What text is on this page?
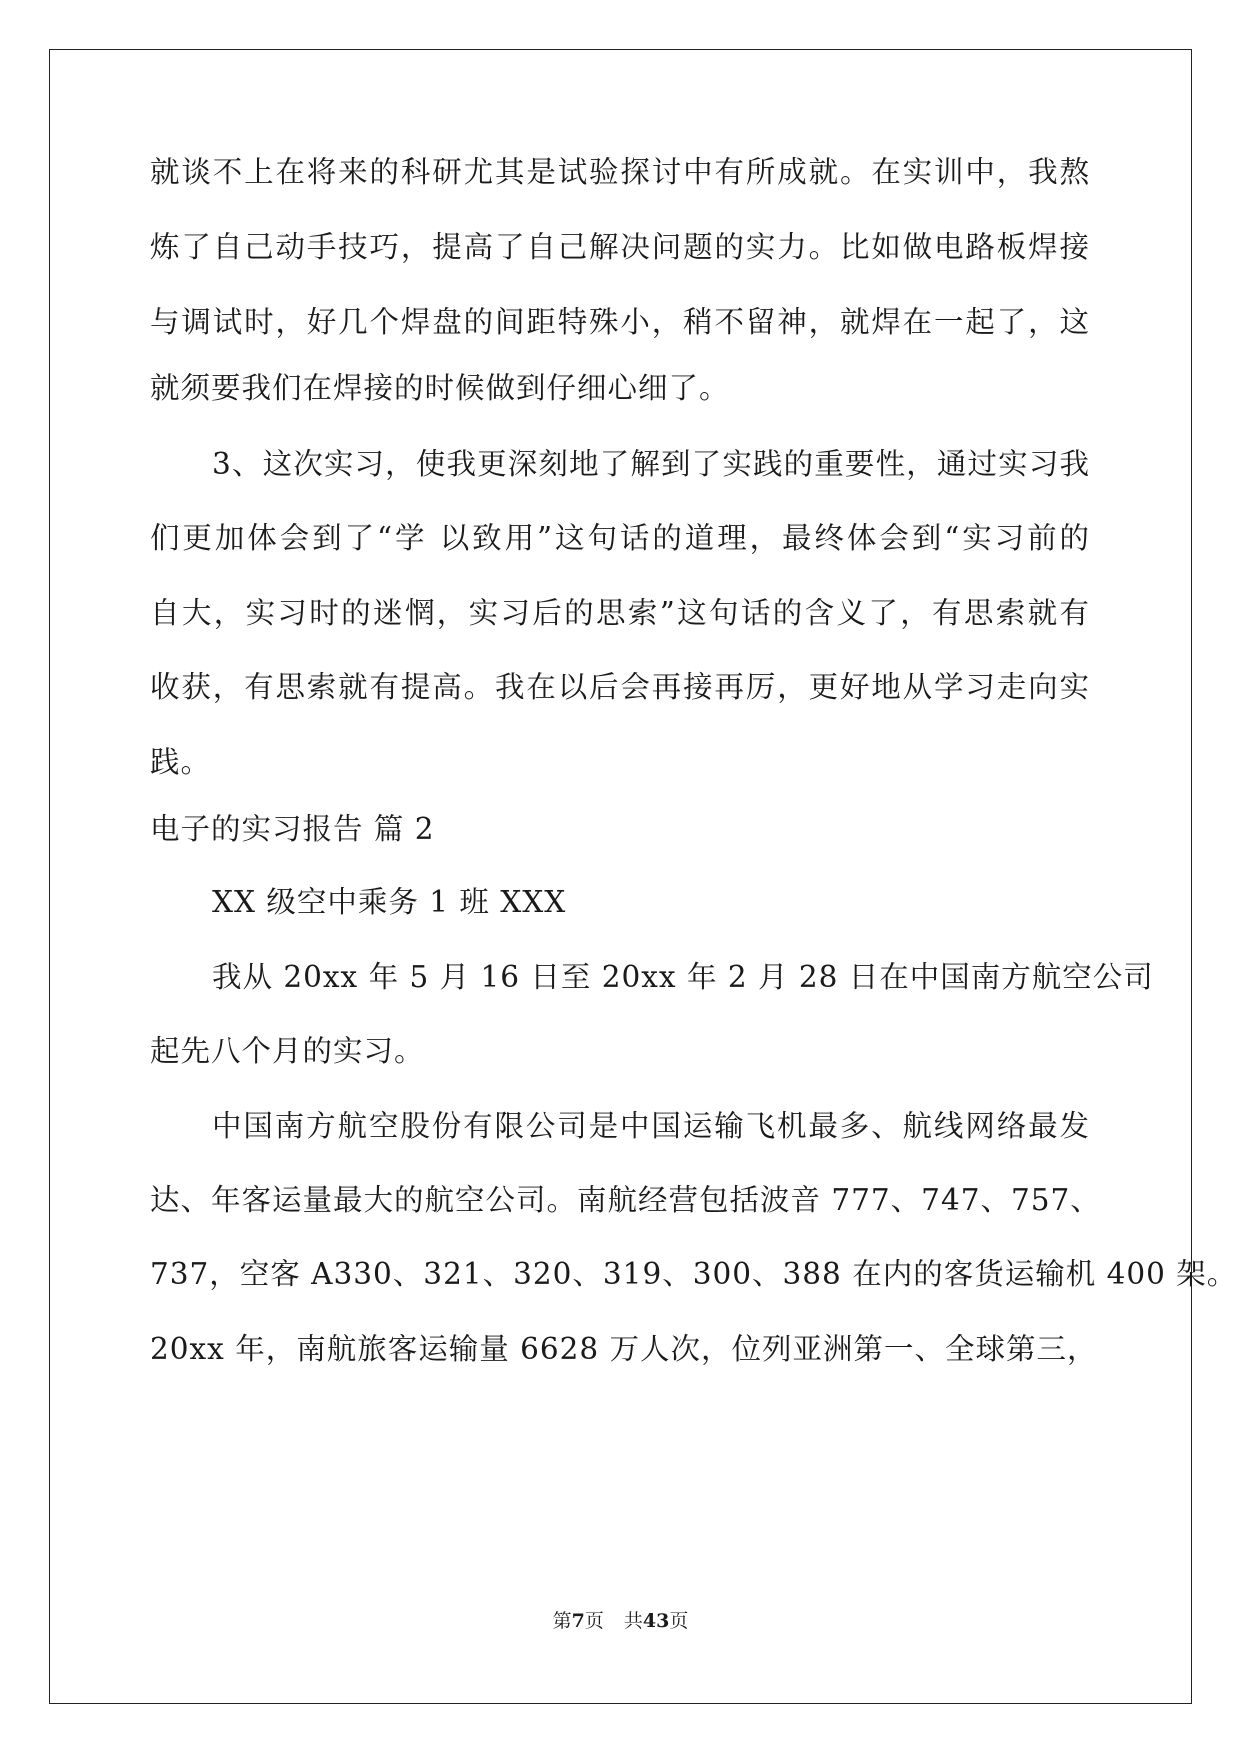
就谈不上在将来的科研尤其是试验探讨中有所成就。在实训中，我熬
炼了自己动手技巧，提高了自己解决问题的实力。比如做电路板焊接
与调试时，好几个焊盘的间距特殊小，稍不留神，就焊在一起了，这
就须要我们在焊接的时候做到仔细心细了。
3、这次实习，使我更深刻地了解到了实践的重要性，通过实习我
们更加体会到了“学 以致用”这句话的道理，最终体会到“实习前的
自大，实习时的迷惘，实习后的思索”这句话的含义了，有思索就有
收获，有思索就有提高。我在以后会再接再厉，更好地从学习走向实
践。
电子的实习报告 篇 2
XX 级空中乘务 1 班 XXX
我从 20xx 年 5 月 16 日至 20xx 年 2 月 28 日在中国南方航空公司
起先八个月的实习。
中国南方航空股份有限公司是中国运输飞机最多、航线网络最发
达、年客运量最大的航空公司。南航经营包括波音 777、747、757、
737，空客 A330、321、320、319、300、388 在内的客货运输机 400 架。
20xx 年，南航旅客运输量 6628 万人次，位列亚洲第一、全球第三，
第7页 共43页
